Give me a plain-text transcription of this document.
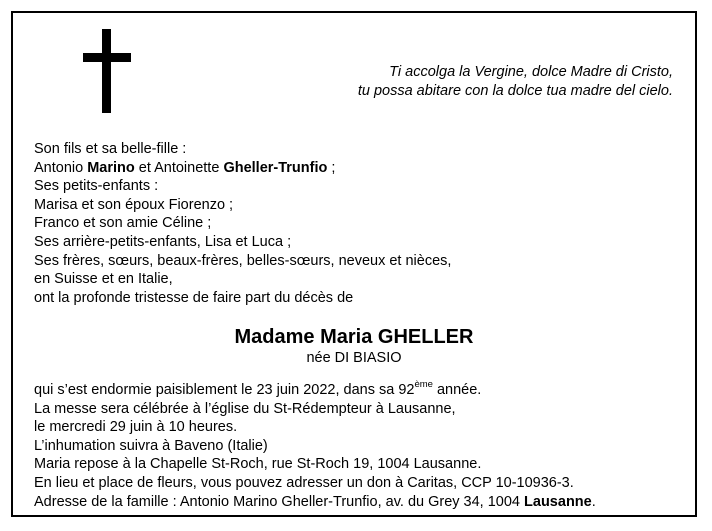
Ti accolga la Vergine, dolce Madre di Cristo,
tu possa abitare con la dolce tua madre del cielo.
Son fils et sa belle-fille :
Antonio Marino et Antoinette Gheller-Trunfio ;
Ses petits-enfants :
Marisa et son époux Fiorenzo ;
Franco et son amie Céline ;
Ses arrière-petits-enfants, Lisa et Luca ;
Ses frères, sœurs, beaux-frères, belles-sœurs, neveux et nièces,
en Suisse et en Italie,
ont la profonde tristesse de faire part du décès de
Madame Maria GHELLER
née DI BIASIO
qui s’est endormie paisiblement le 23 juin 2022, dans sa 92ème année.
La messe sera célébrée à l’église du St-Rédempteur à Lausanne,
le mercredi 29 juin à 10 heures.
L’inhumation suivra à Baveno (Italie)
Maria repose à la Chapelle St-Roch, rue St-Roch 19, 1004 Lausanne.
En lieu et place de fleurs, vous pouvez adresser un don à Caritas, CCP 10-10936-3.
Adresse de la famille : Antonio Marino Gheller-Trunfio, av. du Grey 34, 1004 Lausanne.
